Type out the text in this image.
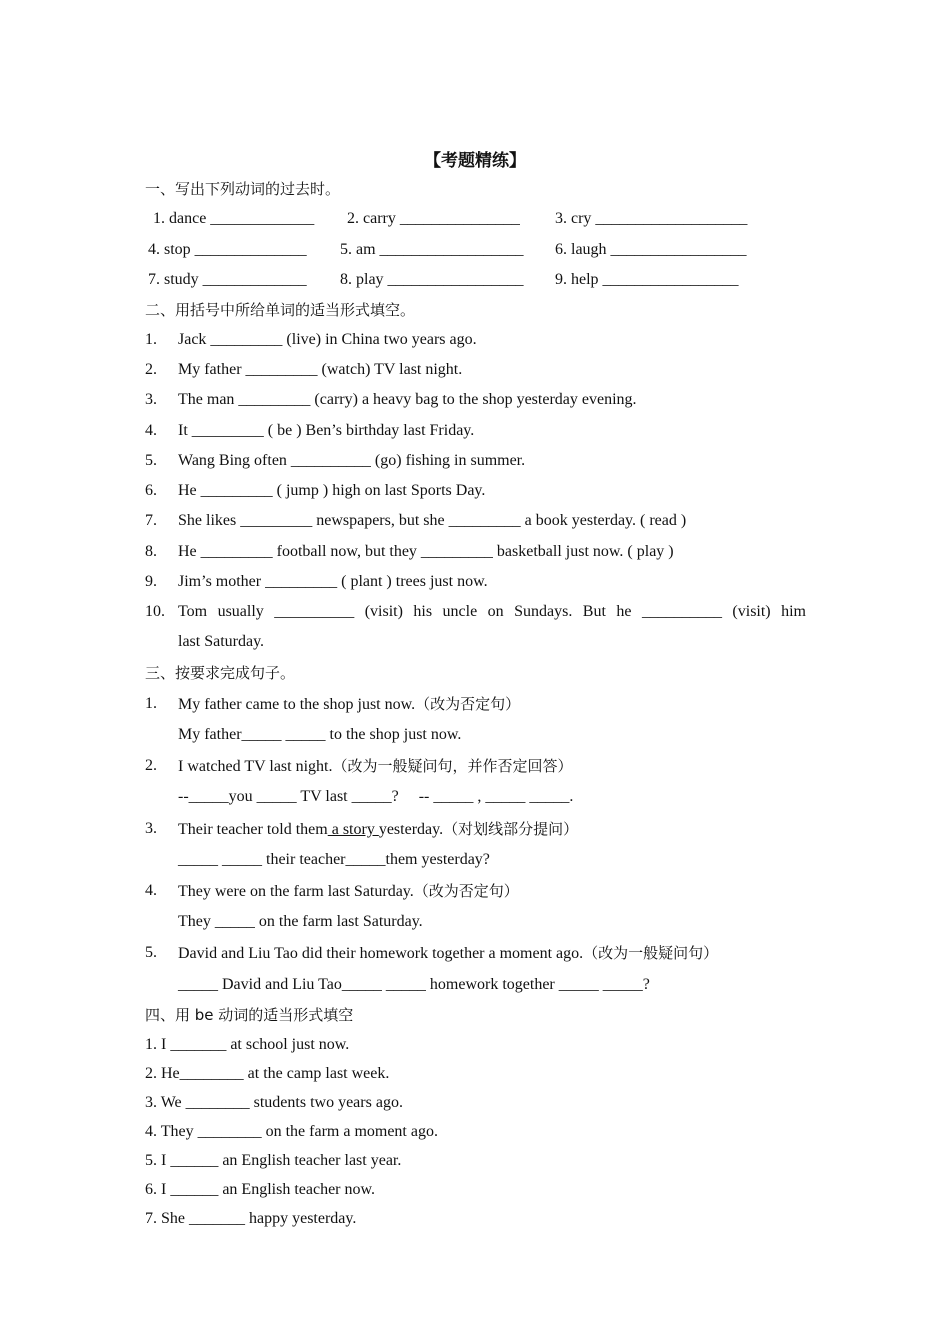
【考题精练】
一、写出下列动词的过去时。
1. dance _____________ 2. carry _______________ 3. cry ___________________
4. stop ______________ 5. am __________________ 6. laugh _________________
7. study _____________ 8. play _________________ 9. help _________________
二、用括号中所给单词的适当形式填空。
1. Jack _________ (live) in China two years ago.
2. My father _________ (watch) TV last night.
3. The man _________ (carry) a heavy bag to the shop yesterday evening.
4. It _________ ( be ) Ben’s birthday last Friday.
5. Wang Bing often __________ (go) fishing in summer.
6. He _________ ( jump ) high on last Sports Day.
7. She likes _________ newspapers, but she _________ a book yesterday. ( read )
8. He _________ football now, but they _________ basketball just now. ( play )
9. Jim’s mother _________ ( plant ) trees just now.
10. Tom usually __________ (visit) his uncle on Sundays. But he __________ (visit) him
last Saturday.
三、按要求完成句子。
1. My father came to the shop just now.（改为否定句）
My father_____ _____ to the shop just now.
2. I watched TV last night.（改为一般疑问句，并作否定回答）
--_____you _____ TV last _____?     -- _____ , _____ _____.
3. Their teacher told them a story yesterday.（对划线部分提问）
_____ _____ their teacher_____them yesterday?
4. They were on the farm last Saturday.（改为否定句）
They _____ on the farm last Saturday.
5. David and Liu Tao did their homework together a moment ago.（改为一般疑问句）
_____ David and Liu Tao_____ _____ homework together _____ _____?
四、用 be 动词的适当形式填空
1. I _______ at school just now.
2. He________ at the camp last week.
3. We ________ students two years ago.
4. They ________ on the farm a moment ago.
5. I ______ an English teacher last year.
6. I ______ an English teacher now.
7. She _______ happy yesterday.
